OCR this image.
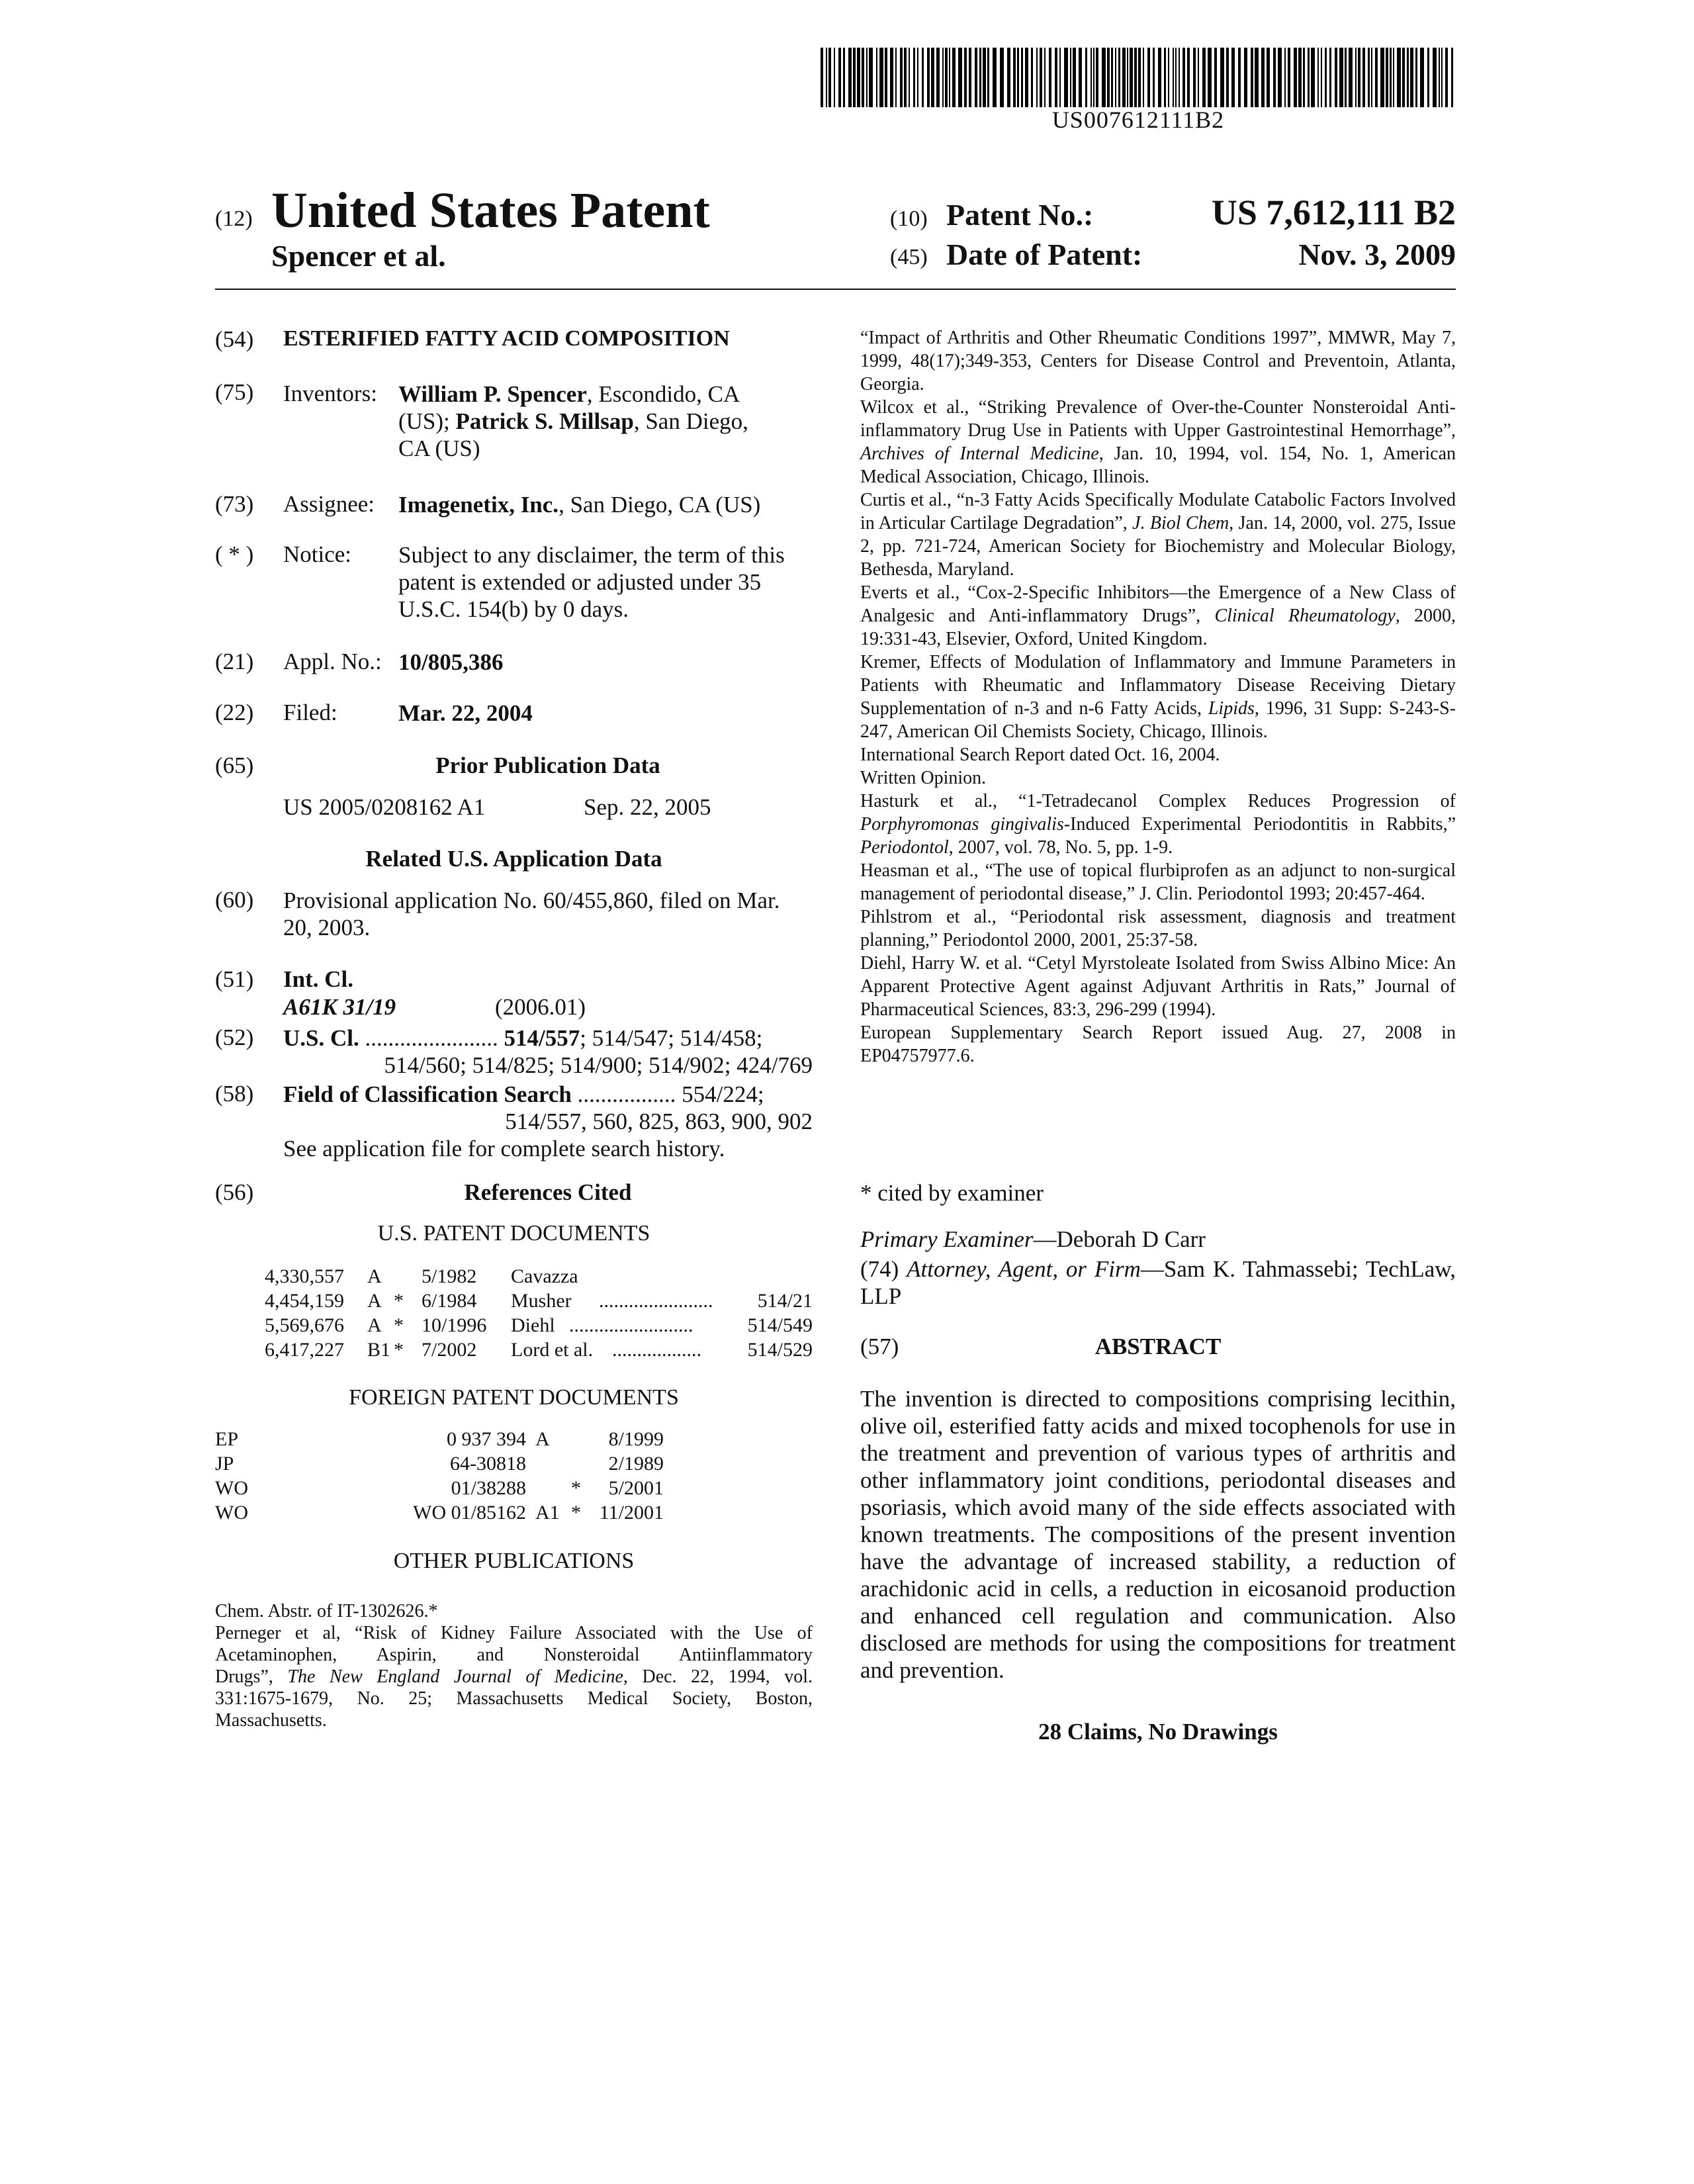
US007612111B2
(12) United States Patent
Spencer et al.
(10) Patent No.:	US 7,612,111 B2
(45) Date of Patent:	Nov. 3, 2009
(54) ESTERIFIED FATTY ACID COMPOSITION
(75) Inventors: William P. Spencer, Escondido, CA
(US); Patrick S. Millsap, San Diego,
CA (US)
(73) Assignee: Imagenetix, Inc., San Diego, CA (US)
( * ) Notice: Subject to any disclaimer, the term of this
patent is extended or adjusted under 35
U.S.C. 154(b) by 0 days.
(21) Appl. No.: 10/805,386
(22) Filed:	Mar. 22, 2004
(65)	Prior Publication Data
US 2005/0208162 A1	Sep. 22, 2005
Related U.S. Application Data
(60) Provisional application No. 60/455,860, filed on Mar.
20, 2003.
(51) Int. Cl.
A61K 31/19	(2006.01)
(52) U.S. Cl. ....................... 514/557; 514/547; 514/458;
514/560; 514/825; 514/900; 514/902; 424/769
(58) Field of Classification Search ................. 554/224;
514/557, 560, 825, 863, 900, 902
See application file for complete search history.
(56)	References Cited
U.S. PATENT DOCUMENTS
4,330,557 A 5/1982 Cavazza
4,454,159 A * 6/1984 Musher ....................... 514/21
5,569,676 A * 10/1996 Diehl .........................	514/549
6,417,227 B1 * 7/2002 Lord et al. .................. 514/529
FOREIGN PATENT DOCUMENTS
EP	0 937 394 A	8/1999
JP	64-30818	2/1989
WO	01/38288 *	5/2001
WO	WO 01/85162 A1 * 11/2001
OTHER PUBLICATIONS
Chem. Abstr. of IT-1302626.*
Perneger et al, “Risk of Kidney Failure Associated with the Use of
Acetaminophen, Aspirin, and Nonsteroidal Antiinflammatory
Drugs”, The New England Journal of Medicine, Dec. 22, 1994, vol.
331:1675-1679, No. 25; Massachusetts Medical Society, Boston,
Massachusetts.

“Impact of Arthritis and Other Rheumatic Conditions 1997”, MMWR, May 7, 1999, 48(17);349-353, Centers for Disease Control and Preventoin, Atlanta, Georgia.

Wilcox et al., “Striking Prevalence of Over-the-Counter Nonsteroidal Anti-inflammatory Drug Use in Patients with Upper Gastrointestinal Hemorrhage”, Archives of Internal Medicine, Jan. 10, 1994, vol. 154, No. 1, American Medical Association, Chicago, Illinois.

Curtis et al., “n-3 Fatty Acids Specifically Modulate Catabolic Factors Involved in Articular Cartilage Degradation”, J. Biol Chem, Jan. 14, 2000, vol. 275, Issue 2, pp. 721-724, American Society for Biochemistry and Molecular Biology, Bethesda, Maryland.

Everts et al., “Cox-2-Specific Inhibitors—the Emergence of a New Class of Analgesic and Anti-inflammatory Drugs”, Clinical Rheumatology, 2000, 19:331-43, Elsevier, Oxford, United Kingdom.

Kremer, Effects of Modulation of Inflammatory and Immune Parameters in Patients with Rheumatic and Inflammatory Disease Receiving Dietary Supplementation of n-3 and n-6 Fatty Acids, Lipids, 1996, 31 Supp: S-243-S-247, American Oil Chemists Society, Chicago, Illinois.

International Search Report dated Oct. 16, 2004.

Written Opinion.

Hasturk et al., “1-Tetradecanol Complex Reduces Progression of Porphyromonas gingivalis-Induced Experimental Periodontitis in Rabbits,” Periodontol, 2007, vol. 78, No. 5, pp. 1-9.

Heasman et al., “The use of topical flurbiprofen as an adjunct to non-surgical management of periodontal disease,” J. Clin. Periodontol 1993; 20:457-464.

Pihlstrom et al., “Periodontal risk assessment, diagnosis and treatment planning,” Periodontol 2000, 2001, 25:37-58.

Diehl, Harry W. et al. “Cetyl Myrstoleate Isolated from Swiss Albino Mice: An Apparent Protective Agent against Adjuvant Arthritis in Rats,” Journal of Pharmaceutical Sciences, 83:3, 296-299 (1994).

European Supplementary Search Report issued Aug. 27, 2008 in EP04757977.6.

* cited by examiner
Primary Examiner—Deborah D Carr
(74) Attorney, Agent, or Firm—Sam K. Tahmassebi; TechLaw, LLP
(57)	ABSTRACT
The invention is directed to compositions comprising lecithin, olive oil, esterified fatty acids and mixed tocophenols for use in the treatment and prevention of various types of arthritis and other inflammatory joint conditions, periodontal diseases and psoriasis, which avoid many of the side effects associated with known treatments. The compositions of the present invention have the advantage of increased stability, a reduction of arachidonic acid in cells, a reduction in eicosanoid production and enhanced cell regulation and communication. Also disclosed are methods for using the compositions for treatment and prevention.
28 Claims, No Drawings
